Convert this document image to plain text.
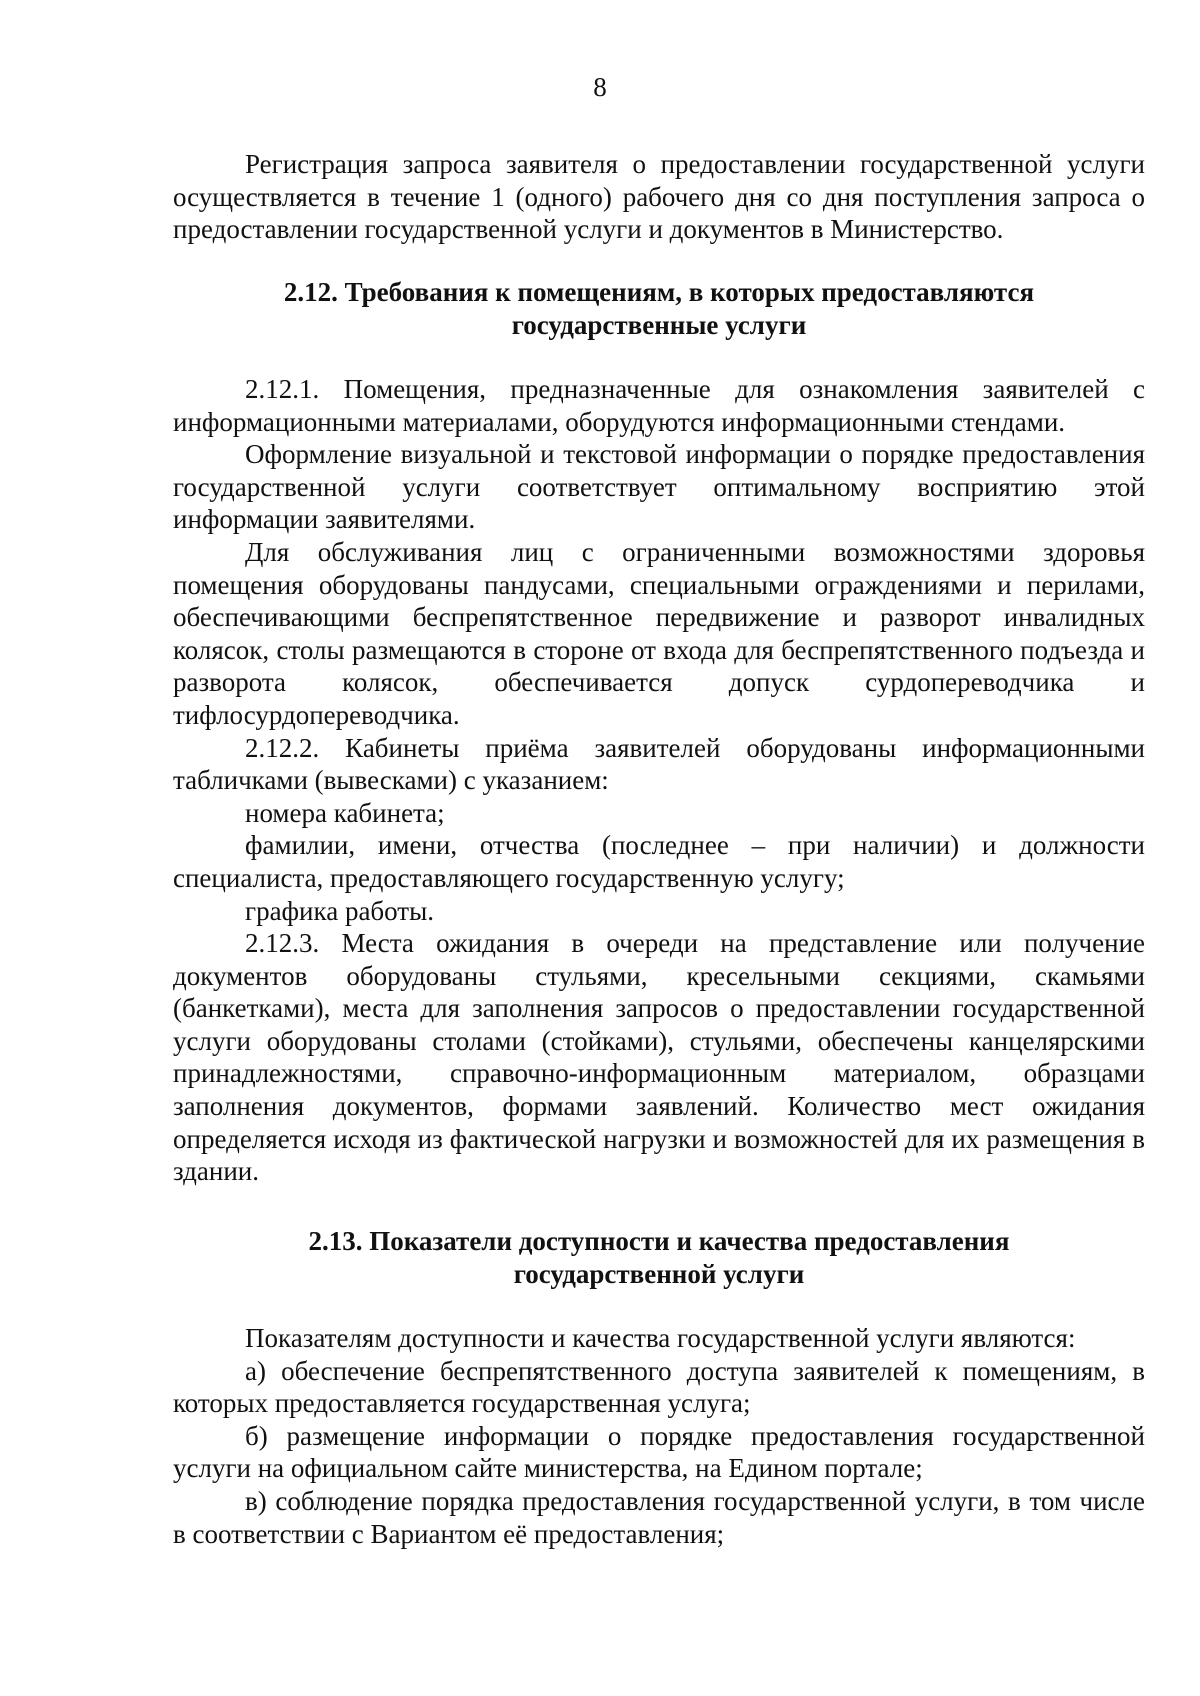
8

Регистрация запроса заявителя о предоставлении государственной услуги осуществляется в течение 1 (одного) рабочего дня со дня поступления запроса о предоставлении государственной услуги и документов в Министерство.

2.12. Требования к помещениям, в которых предоставляются
государственные услуги

2.12.1. Помещения, предназначенные для ознакомления заявителей с информационными материалами, оборудуются информационными стендами.

Оформление визуальной и текстовой информации о порядке предоставления государственной услуги соответствует оптимальному восприятию этой информации заявителями.

Для обслуживания лиц с ограниченными возможностями здоровья помещения оборудованы пандусами, специальными ограждениями и перилами, обеспечивающими беспрепятственное передвижение и разворот инвалидных колясок, столы размещаются в стороне от входа для беспрепятственного подъезда и разворота колясок, обеспечивается допуск сурдопереводчика и тифлосурдопереводчика.

2.12.2. Кабинеты приёма заявителей оборудованы информационными табличками (вывесками) с указанием:

номера кабинета;

фамилии, имени, отчества (последнее – при наличии) и должности специалиста, предоставляющего государственную услугу;

графика работы.

2.12.3. Места ожидания в очереди на представление или получение документов оборудованы стульями, кресельными секциями, скамьями (банкетками), места для заполнения запросов о предоставлении государственной услуги оборудованы столами (стойками), стульями, обеспечены канцелярскими принадлежностями, справочно-информационным материалом, образцами заполнения документов, формами заявлений. Количество мест ожидания определяется исходя из фактической нагрузки и возможностей для их размещения в здании.

2.13. Показатели доступности и качества предоставления
государственной услуги

Показателям доступности и качества государственной услуги являются:

а) обеспечение беспрепятственного доступа заявителей к помещениям, в которых предоставляется государственная услуга;

б) размещение информации о порядке предоставления государственной услуги на официальном сайте министерства, на Едином портале;

в) соблюдение порядка предоставления государственной услуги, в том числе в соответствии с Вариантом её предоставления;
